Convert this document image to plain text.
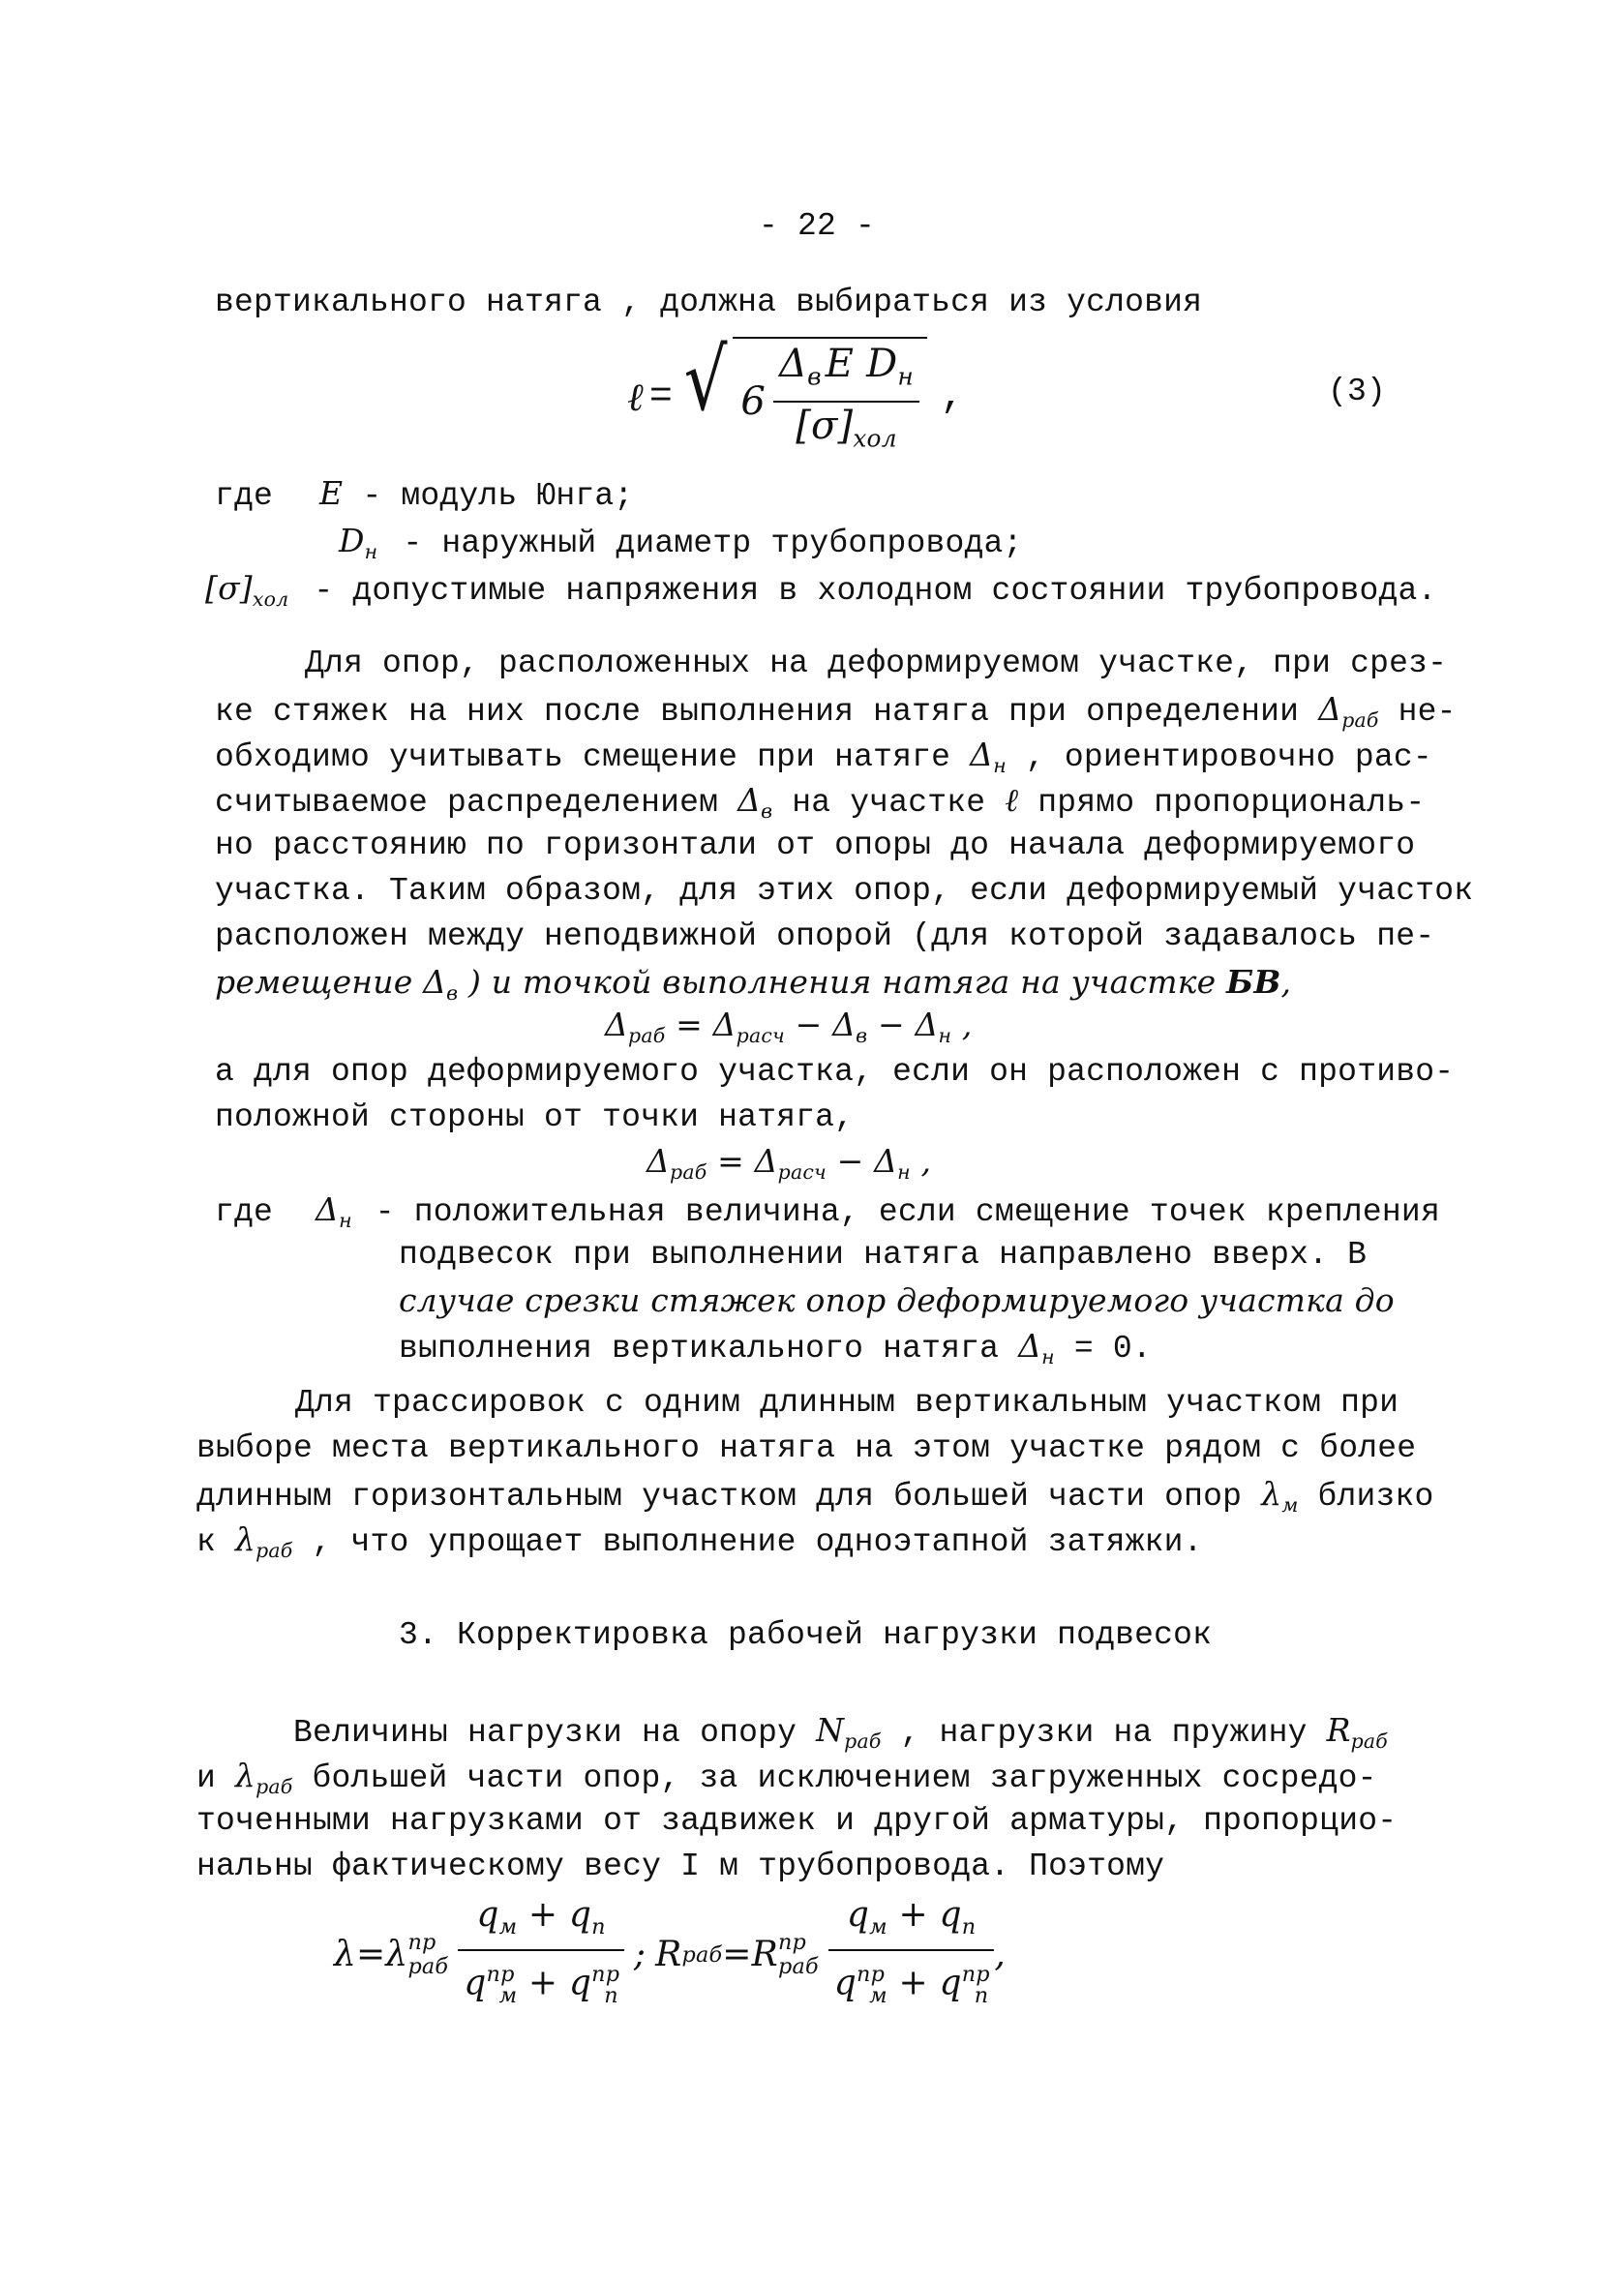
- 22 -
вертикального натяга , должна выбираться из условия
ℓ = √ $6 \frac{\Delta_в E D_н}{[\sigma]_{хол}}$ ,	(3)
где E - модуль Юнга;
$D_н$ - наружный диаметр трубопровода;
$[\sigma]_{хол}$ - допустимые напряжения в холодном состоянии трубопровода.
Для опор, расположенных на деформируемом участке, при срез-
ке стяжек на них после выполнения натяга при определении $\Delta_{раб}$ не-
обходимо учитывать смещение при натяге $\Delta_н$ , ориентировочно рас-
считываемое распределением $\Delta_в$ на участке ℓ прямо пропорциональ-
но расстоянию по горизонтали от опоры до начала деформируемого
участка. Таким образом, для этих опор, если деформируемый участок
расположен между неподвижной опорой (для которой задавалось пе-
ремещение $\Delta_в$ ) и точкой выполнения натяга на участке БВ,
$\Delta_{раб} = \Delta_{расч} - \Delta_в - \Delta_н$ ,
а для опор деформируемого участка, если он расположен с противо-
положной стороны от точки натяга,
$\Delta_{раб} = \Delta_{расч} - \Delta_н$ ,
где $\Delta_н$ - положительная величина, если смещение точек крепления
подвесок при выполнении натяга направлено вверх. В
случае срезки стяжек опор деформируемого участка до
выполнения вертикального натяга $\Delta_н = 0$.
Для трассировок с одним длинным вертикальным участком при
выборе места вертикального натяга на этом участке рядом с более
длинным горизонтальным участком для большей части опор $\lambda_м$ близко
к $\lambda_{раб}$ , что упрощает выполнение одноэтапной затяжки.
3. Корректировка рабочей нагрузки подвесок
Величины нагрузки на опору $N_{раб}$ , нагрузки на пружину $R_{раб}$
и $\lambda_{раб}$ большей части опор, за исключением загруженных сосредо-
точенными нагрузками от задвижек и другой арматуры, пропорцио-
нальны фактическому весу I м трубопровода. Поэтому
λ = λ пр
раб $\frac{q_м + q_п}{q^{пр}_м + q^{пр}_п}$ ; R раб = R пр
раб $\frac{q_м + q_п}{q^{пр}_м + q^{пр}_п}$ ,
